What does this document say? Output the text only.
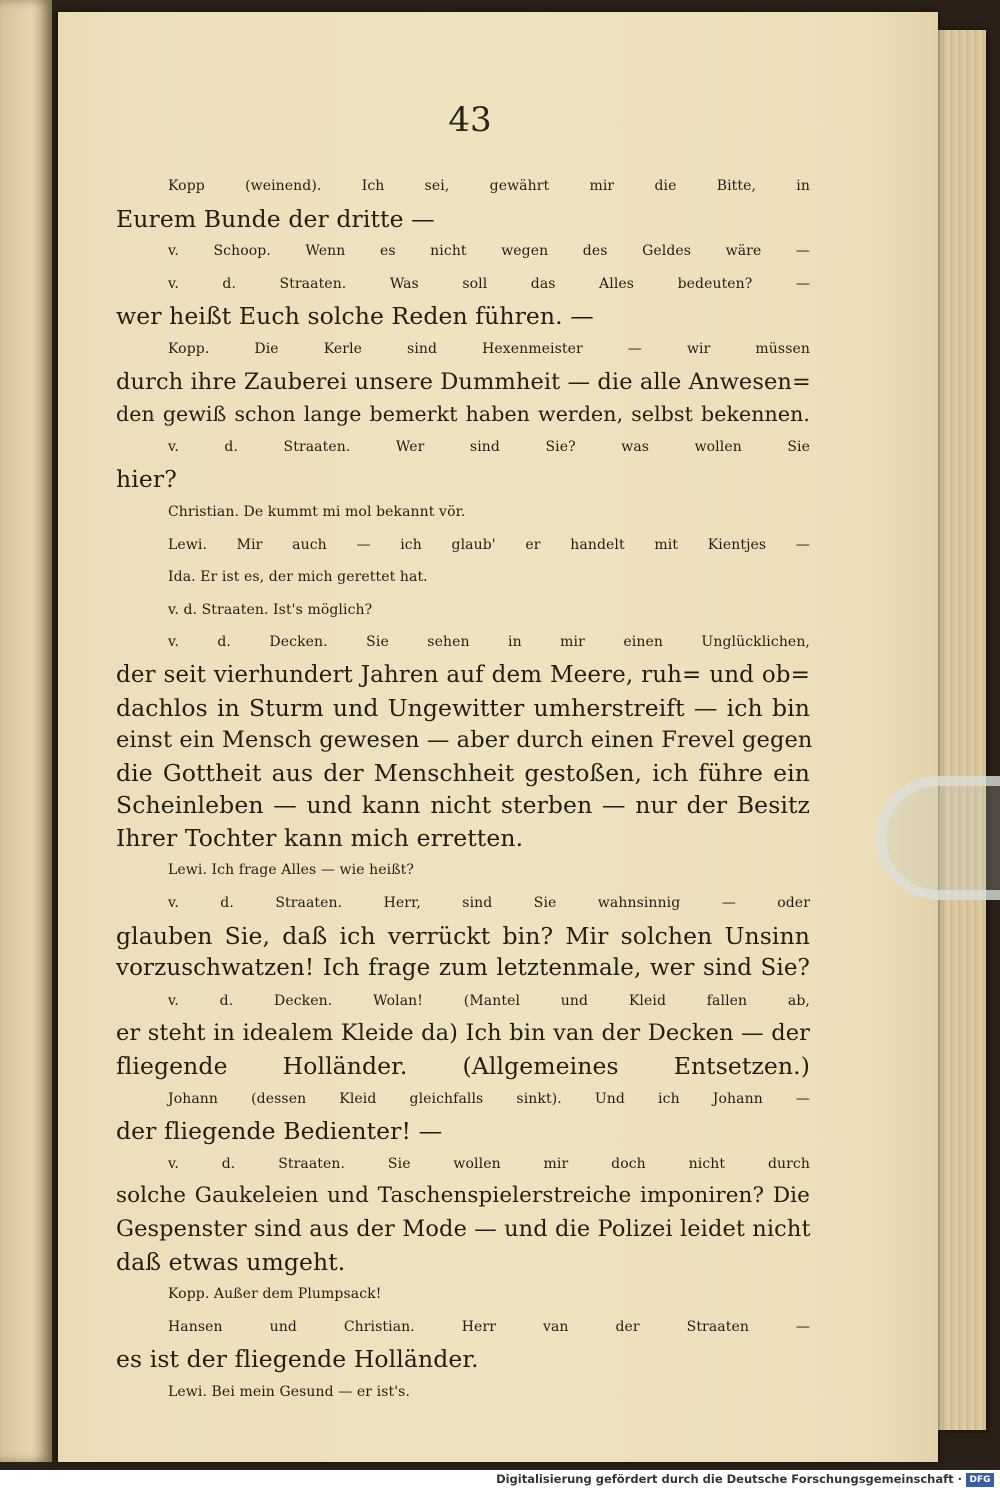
43
Kopp (weinend). Ich sei, gewährt mir die Bitte, in
Eurem Bunde der dritte —
v. Schoop. Wenn es nicht wegen des Geldes wäre —
v. d. Straaten. Was soll das Alles bedeuten? —
wer heißt Euch solche Reden führen. —
Kopp. Die Kerle sind Hexenmeister — wir müssen
durch ihre Zauberei unsere Dummheit — die alle Anwesen=
den gewiß schon lange bemerkt haben werden, selbst bekennen.
v. d. Straaten. Wer sind Sie? was wollen Sie
hier?
Christian. De kummt mi mol bekannt vör.
Lewi. Mir auch — ich glaub' er handelt mit Kientjes —
Ida. Er ist es, der mich gerettet hat.
v. d. Straaten. Ist's möglich?
v. d. Decken. Sie sehen in mir einen Unglücklichen,
der seit vierhundert Jahren auf dem Meere, ruh= und ob=
dachlos in Sturm und Ungewitter umherstreift — ich bin
einst ein Mensch gewesen — aber durch einen Frevel gegen
die Gottheit aus der Menschheit gestoßen, ich führe ein
Scheinleben — und kann nicht sterben — nur der Besitz
Ihrer Tochter kann mich erretten.
Lewi. Ich frage Alles — wie heißt?
v. d. Straaten. Herr, sind Sie wahnsinnig — oder
glauben Sie, daß ich verrückt bin? Mir solchen Unsinn
vorzuschwatzen! Ich frage zum letztenmale, wer sind Sie?
v. d. Decken. Wolan! (Mantel und Kleid fallen ab,
er steht in idealem Kleide da) Ich bin van der Decken — der
fliegende Holländer. (Allgemeines Entsetzen.)
Johann (dessen Kleid gleichfalls sinkt). Und ich Johann —
der fliegende Bedienter! —
v. d. Straaten. Sie wollen mir doch nicht durch
solche Gaukeleien und Taschenspielerstreiche imponiren? Die
Gespenster sind aus der Mode — und die Polizei leidet nicht
daß etwas umgeht.
Kopp. Außer dem Plumpsack!
Hansen und Christian. Herr van der Straaten —
es ist der fliegende Holländer.
Lewi. Bei mein Gesund — er ist's.
Digitalisierung gefördert durch die Deutsche Forschungsgemeinschaft · DFG
